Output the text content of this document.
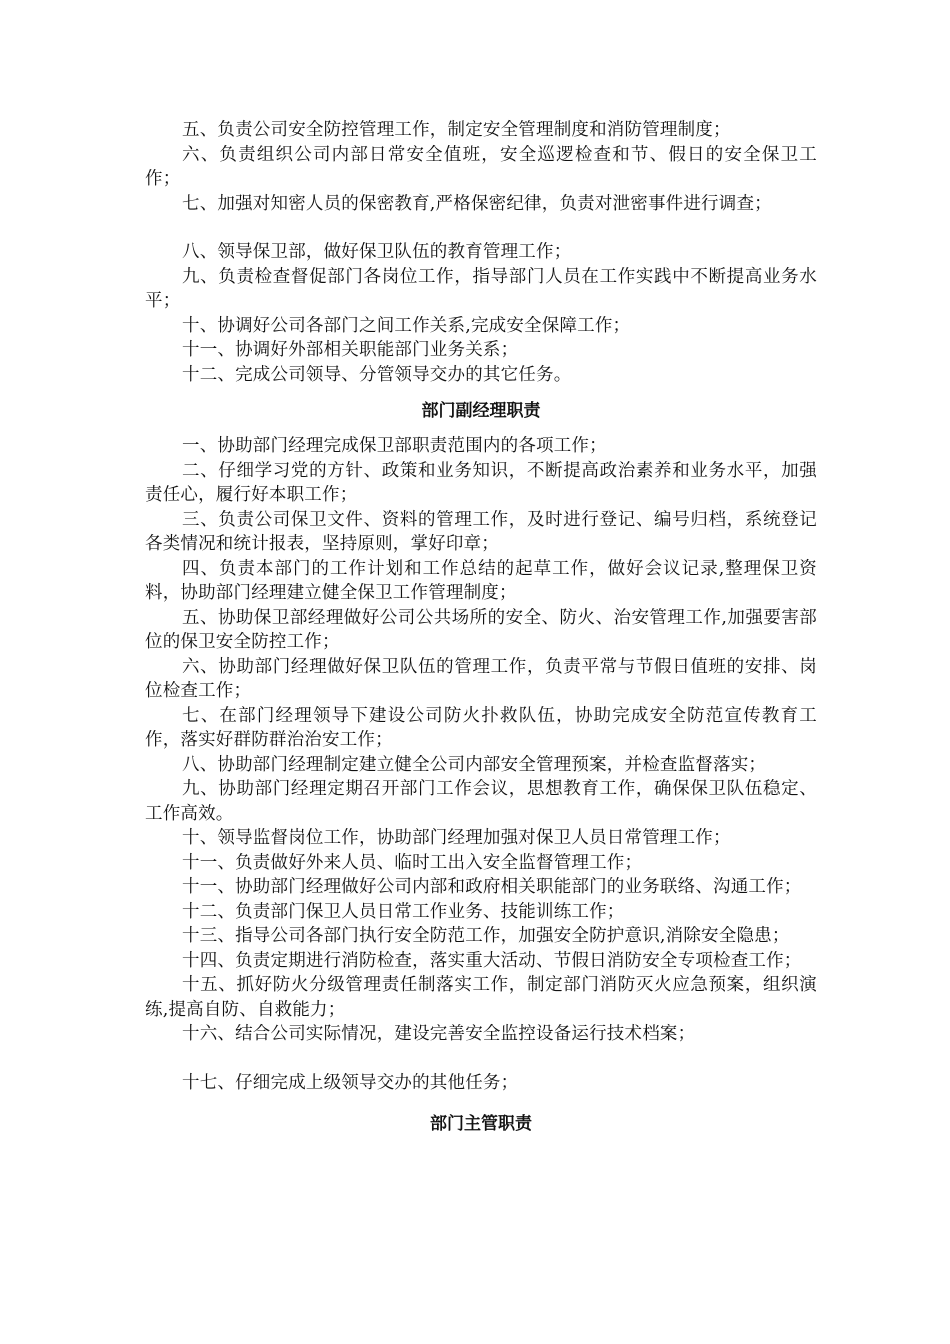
五、负责公司安全防控管理工作，制定安全管理制度和消防管理制度；

六、负责组织公司内部日常安全值班，安全巡逻检查和节、假日的安全保卫工作；

七、加强对知密人员的保密教育,严格保密纪律，负责对泄密事件进行调查；

八、领导保卫部，做好保卫队伍的教育管理工作；

九、负责检查督促部门各岗位工作，指导部门人员在工作实践中不断提高业务水平；

十、协调好公司各部门之间工作关系,完成安全保障工作；

十一、协调好外部相关职能部门业务关系；

十二、完成公司领导、分管领导交办的其它任务。

部门副经理职责

一、协助部门经理完成保卫部职责范围内的各项工作；

二、仔细学习党的方针、政策和业务知识，不断提高政治素养和业务水平，加强责任心，履行好本职工作；

三、负责公司保卫文件、资料的管理工作，及时进行登记、编号归档，系统登记各类情况和统计报表，坚持原则，掌好印章；

四、负责本部门的工作计划和工作总结的起草工作，做好会议记录,整理保卫资料，协助部门经理建立健全保卫工作管理制度；

五、协助保卫部经理做好公司公共场所的安全、防火、治安管理工作,加强要害部位的保卫安全防控工作；

六、协助部门经理做好保卫队伍的管理工作，负责平常与节假日值班的安排、岗位检查工作；

七、在部门经理领导下建设公司防火扑救队伍，协助完成安全防范宣传教育工作，落实好群防群治治安工作；

八、协助部门经理制定建立健全公司内部安全管理预案，并检查监督落实；

九、协助部门经理定期召开部门工作会议，思想教育工作，确保保卫队伍稳定、工作高效。

十、领导监督岗位工作，协助部门经理加强对保卫人员日常管理工作；

十一、负责做好外来人员、临时工出入安全监督管理工作；

十一、协助部门经理做好公司内部和政府相关职能部门的业务联络、沟通工作；

十二、负责部门保卫人员日常工作业务、技能训练工作；

十三、指导公司各部门执行安全防范工作，加强安全防护意识,消除安全隐患；

十四、负责定期进行消防检查，落实重大活动、节假日消防安全专项检查工作；

十五、抓好防火分级管理责任制落实工作，制定部门消防灭火应急预案，组织演练,提高自防、自救能力；

十六、结合公司实际情况，建设完善安全监控设备运行技术档案；

十七、仔细完成上级领导交办的其他任务；

部门主管职责
